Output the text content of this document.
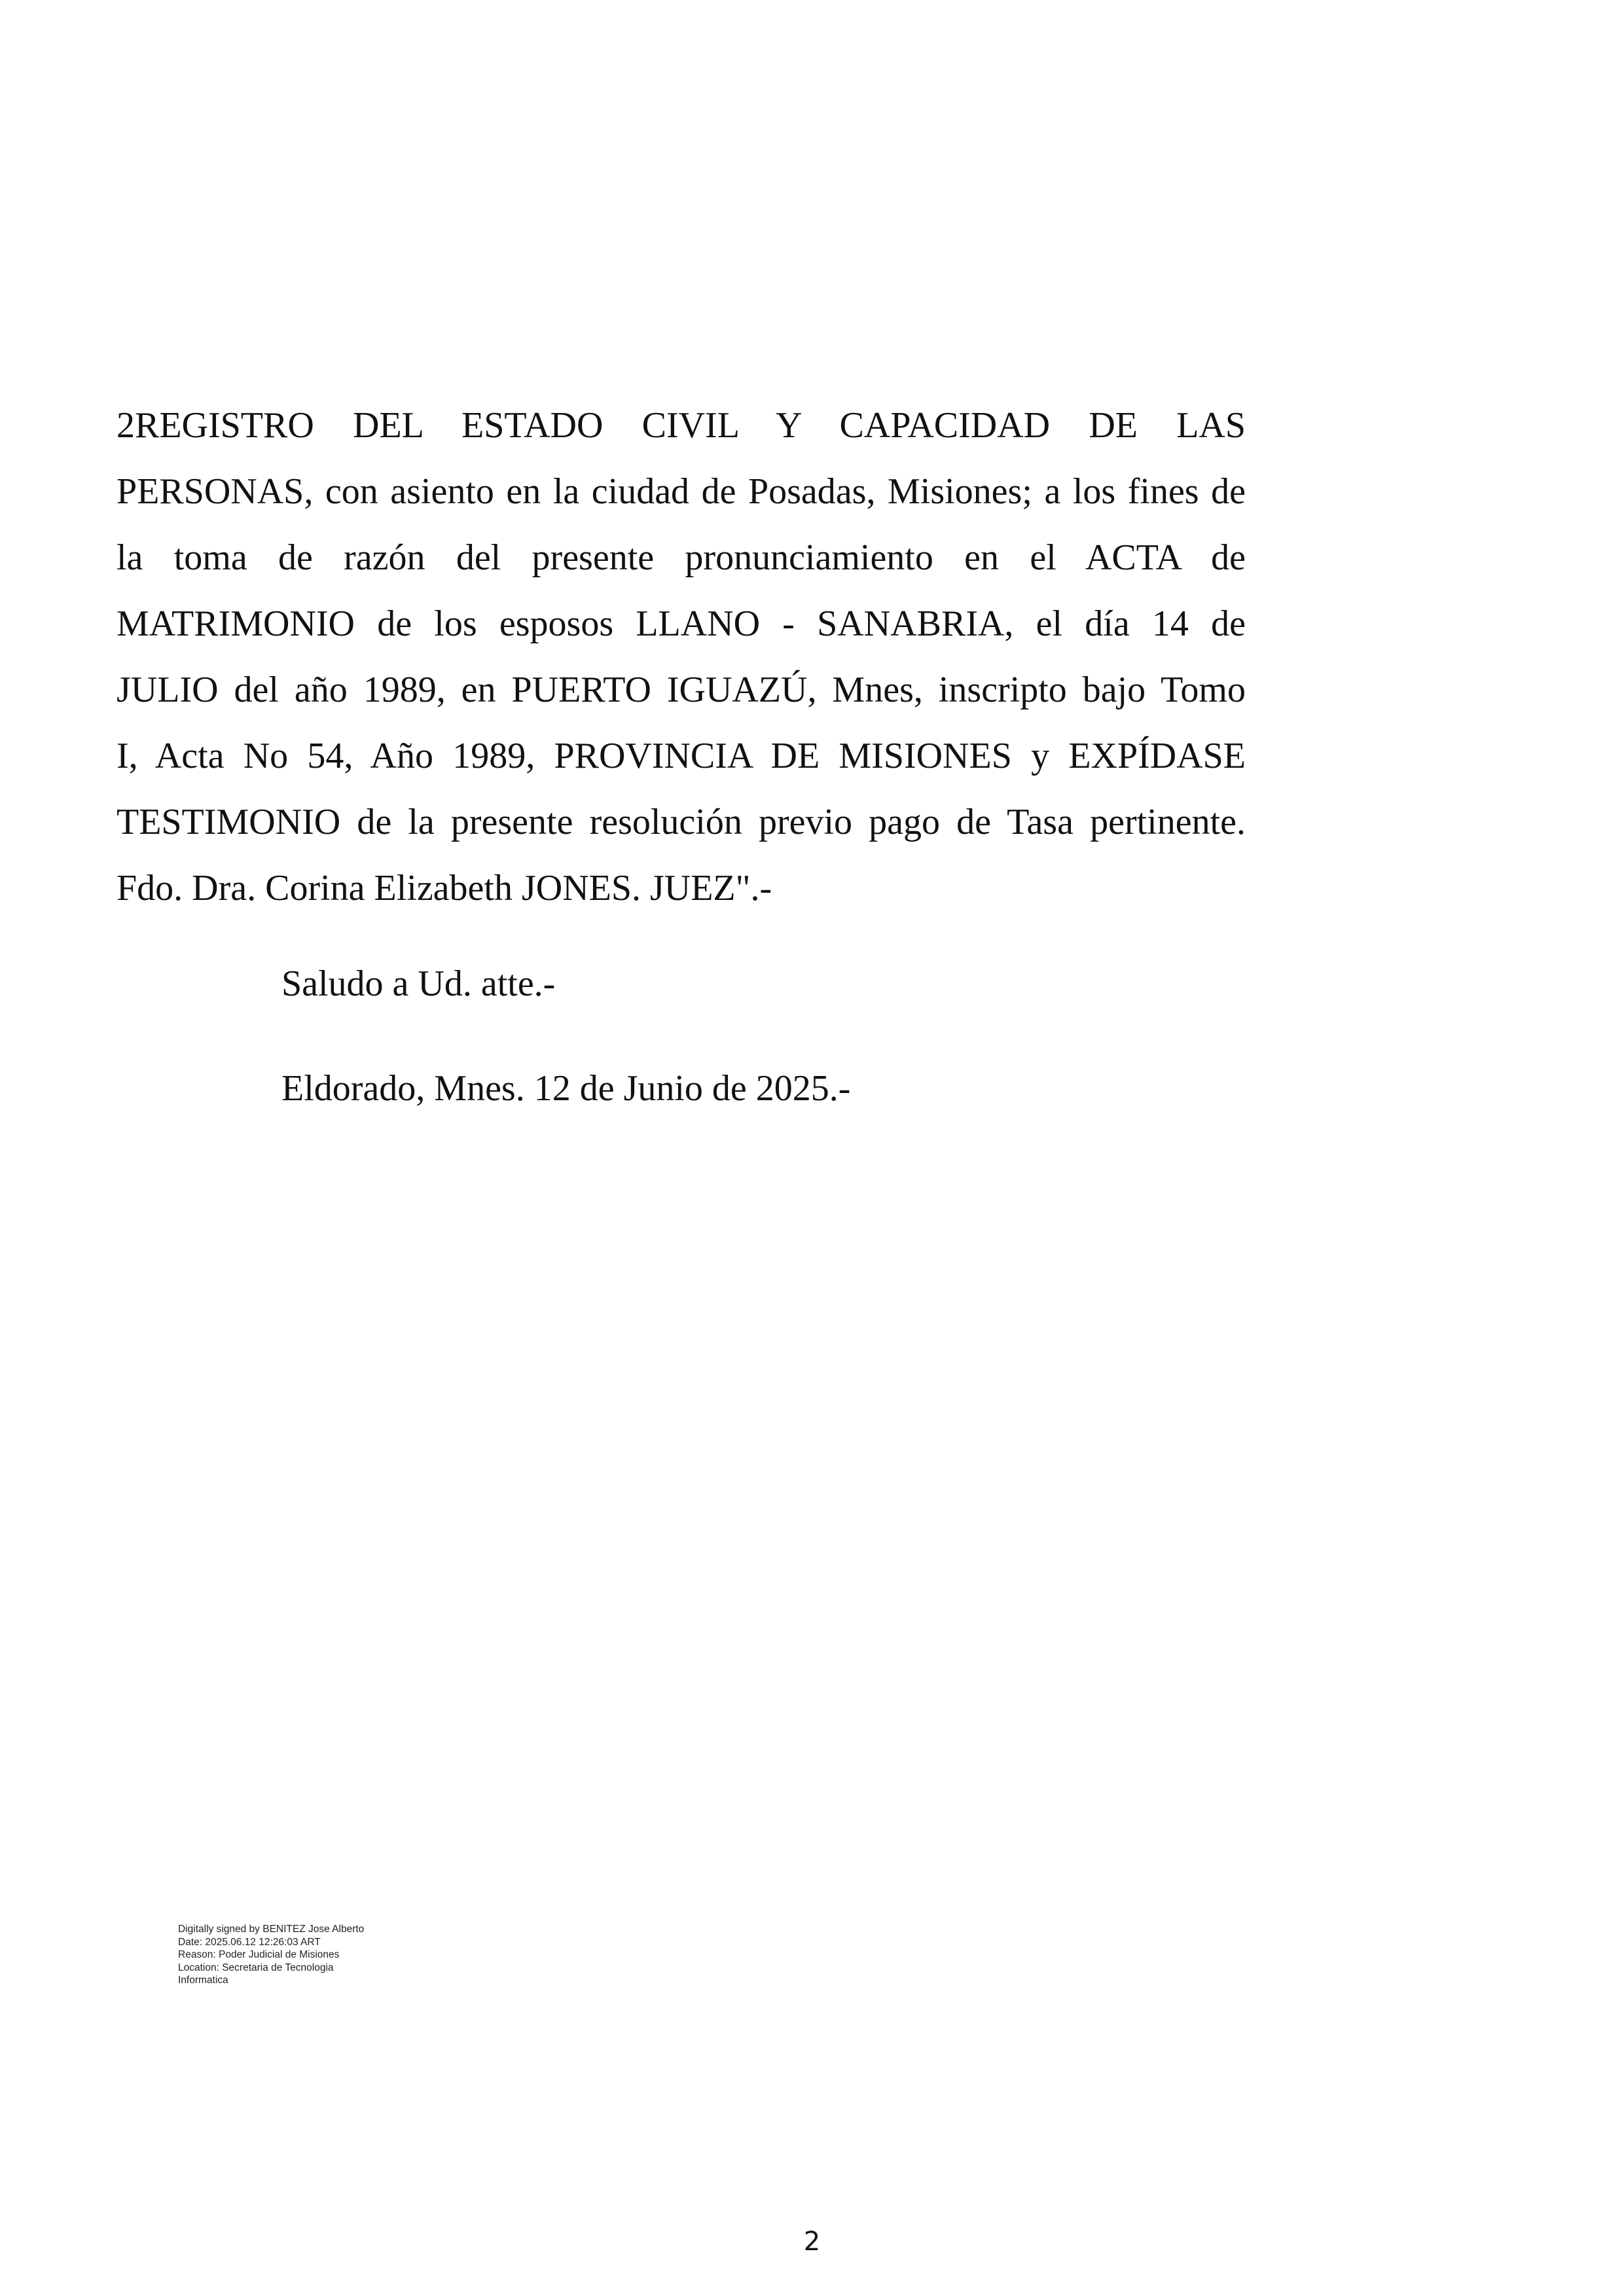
2REGISTRO DEL ESTADO CIVIL Y CAPACIDAD DE LAS
PERSONAS, con asiento en la ciudad de Posadas, Misiones; a los fines de
la toma de razón del presente pronunciamiento en el ACTA de
MATRIMONIO de los esposos LLANO - SANABRIA, el día 14 de
JULIO del año 1989, en PUERTO IGUAZÚ, Mnes, inscripto bajo Tomo
I, Acta No 54, Año 1989, PROVINCIA DE MISIONES y EXPÍDASE
TESTIMONIO de la presente resolución previo pago de Tasa pertinente.
Fdo. Dra. Corina Elizabeth JONES. JUEZ".-

Saludo a Ud. atte.-

Eldorado, Mnes. 12 de Junio de 2025.-

Digitally signed by BENITEZ Jose Alberto
Date: 2025.06.12 12:26:03 ART
Reason: Poder Judicial de Misiones
Location: Secretaria de Tecnologia
Informatica
2
